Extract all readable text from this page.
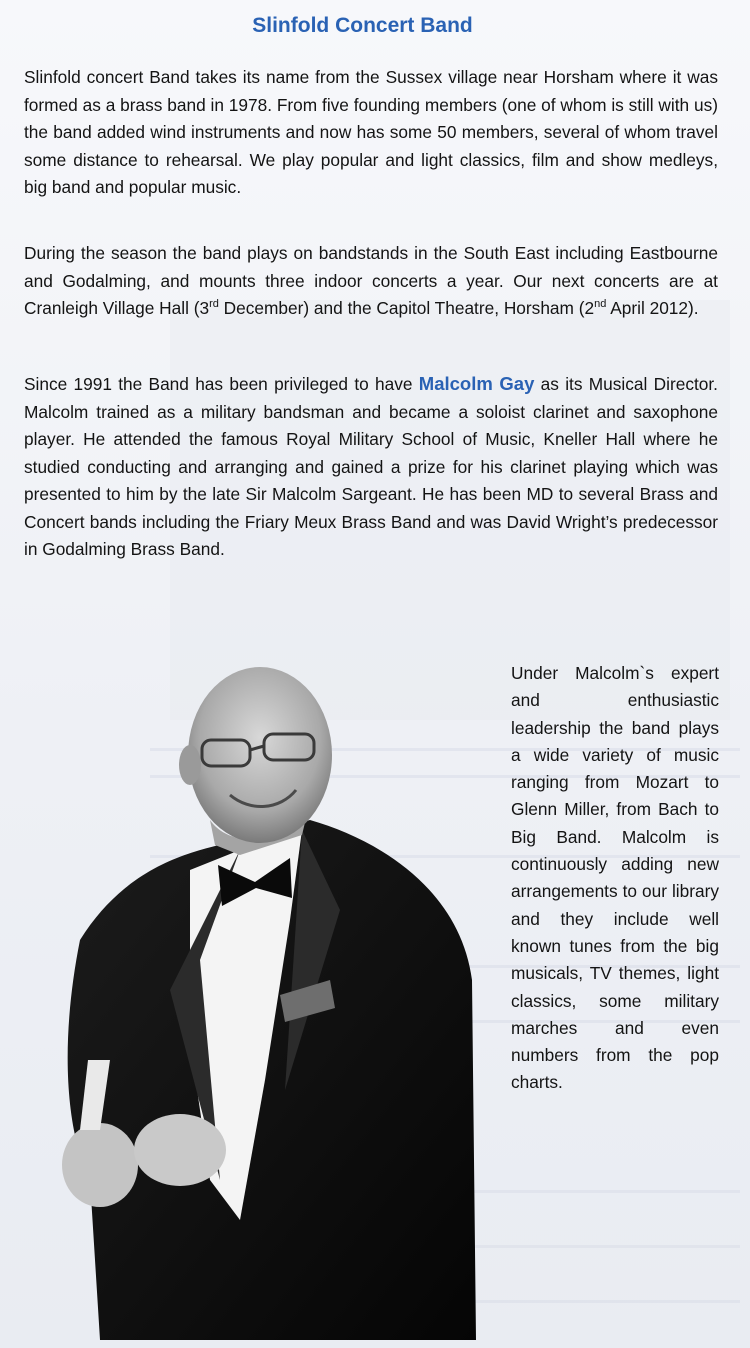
Slinfold Concert Band

Slinfold concert Band takes its name from the Sussex village near Horsham where it was formed as a brass band in 1978. From five founding members (one of whom is still with us) the band added wind instruments and now has some 50 members, several of whom travel some distance to rehearsal. We play popular and light classics, film and show medleys, big band and popular music.

During the season the band plays on bandstands in the South East including Eastbourne and Godalming, and mounts three indoor concerts a year. Our next concerts are at Cranleigh Village Hall (3rd December) and the Capitol Theatre, Horsham (2nd April 2012).

Since 1991 the Band has been privileged to have Malcolm Gay as its Musical Director. Malcolm trained as a military bandsman and became a soloist clarinet and saxophone player. He attended the famous Royal Military School of Music, Kneller Hall where he studied conducting and arranging and gained a prize for his clarinet playing which was presented to him by the late Sir Malcolm Sargeant. He has been MD to several Brass and Concert bands including the Friary Meux Brass Band and was David Wright’s predecessor in Godalming Brass Band.

Under Malcolm`s expert and enthusiastic leadership the band plays a wide variety of music ranging from Mozart to Glenn Miller, from Bach to Big Band. Malcolm is continuously adding new arrangements to our library and they include well known tunes from the big musicals, TV themes, light classics, some military marches and even numbers from the pop charts.
